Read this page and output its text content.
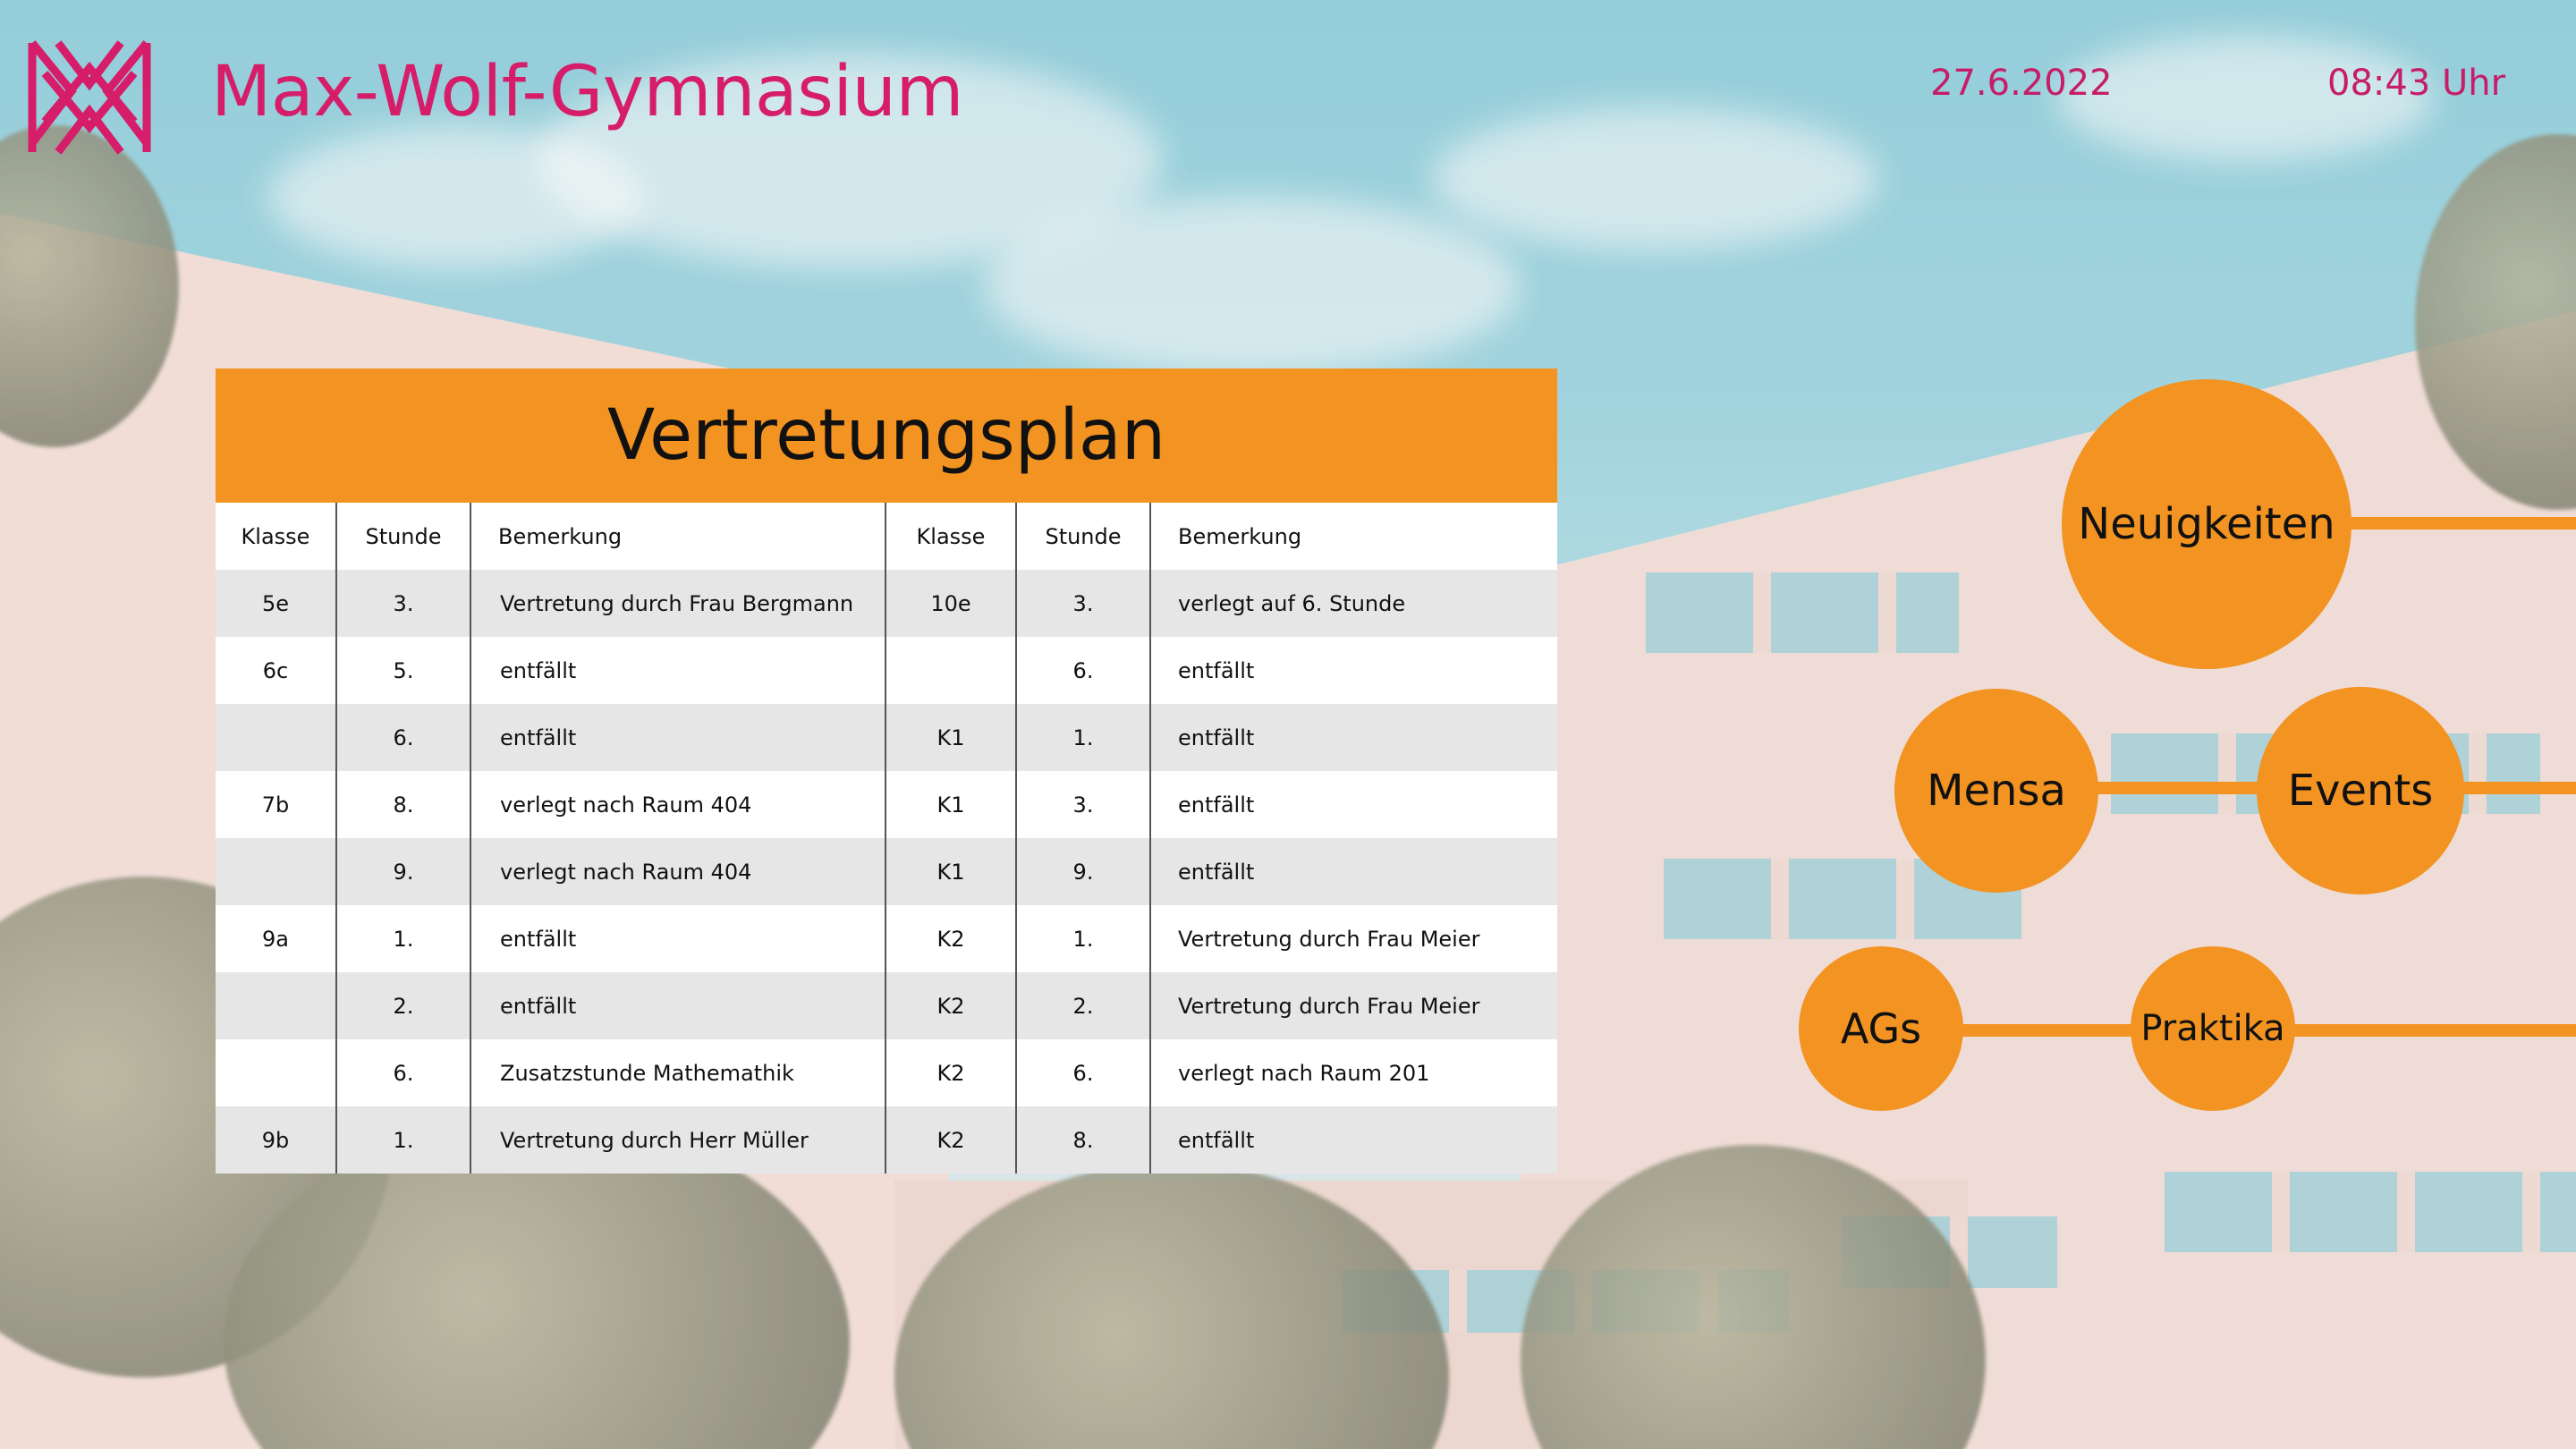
Max-Wolf-Gymnasium	27.6.2022	08:43 Uhr
Vertretungsplan
Klasse	Stunde	Bemerkung	Klasse	Stunde	Bemerkung
5e	3.	Vertretung durch Frau Bergmann	10e	3.	verlegt auf 6. Stunde
6c	5.	entfällt		6.	entfällt
	6.	entfällt	K1	1.	entfällt
7b	8.	verlegt nach Raum 404	K1	3.	entfällt
	9.	verlegt nach Raum 404	K1	9.	entfällt
9a	1.	entfällt	K2	1.	Vertretung durch Frau Meier
	2.	entfällt	K2	2.	Vertretung durch Frau Meier
	6.	Zusatzstunde Mathemathik	K2	6.	verlegt nach Raum 201
9b	1.	Vertretung durch Herr Müller	K2	8.	entfällt
Neuigkeiten
Mensa	Events
AGs	Praktika
